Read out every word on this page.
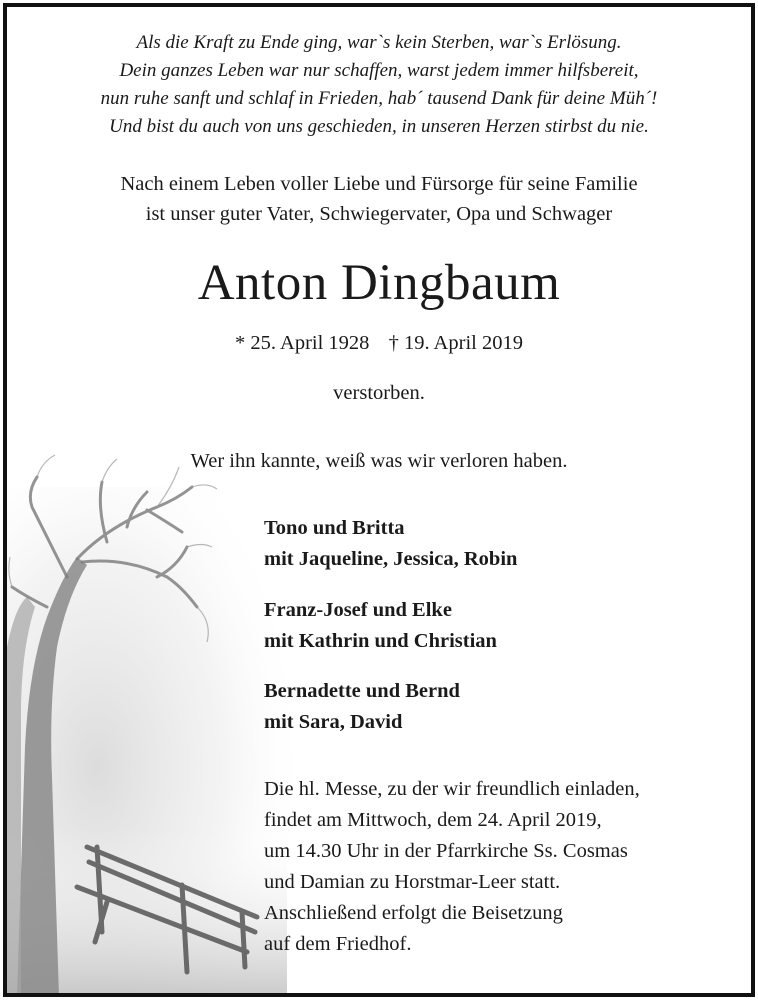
Als die Kraft zu Ende ging, war`s kein Sterben, war`s Erlösung.
Dein ganzes Leben war nur schaffen, warst jedem immer hilfsbereit,
nun ruhe sanft und schlaf in Frieden, hab´ tausend Dank für deine Müh´!
Und bist du auch von uns geschieden, in unseren Herzen stirbst du nie.
Nach einem Leben voller Liebe und Fürsorge für seine Familie
ist unser guter Vater, Schwiegervater, Opa und Schwager
Anton Dingbaum
* 25. April 1928 † 19. April 2019
verstorben.
Wer ihn kannte, weiß was wir verloren haben.
Tono und Britta
mit Jaqueline, Jessica, Robin
Franz-Josef und Elke
mit Kathrin und Christian
Bernadette und Bernd
mit Sara, David
Die hl. Messe, zu der wir freundlich einladen,
findet am Mittwoch, dem 24. April 2019,
um 14.30 Uhr in der Pfarrkirche Ss. Cosmas
und Damian zu Horstmar-Leer statt.
Anschließend erfolgt die Beisetzung
auf dem Friedhof.
